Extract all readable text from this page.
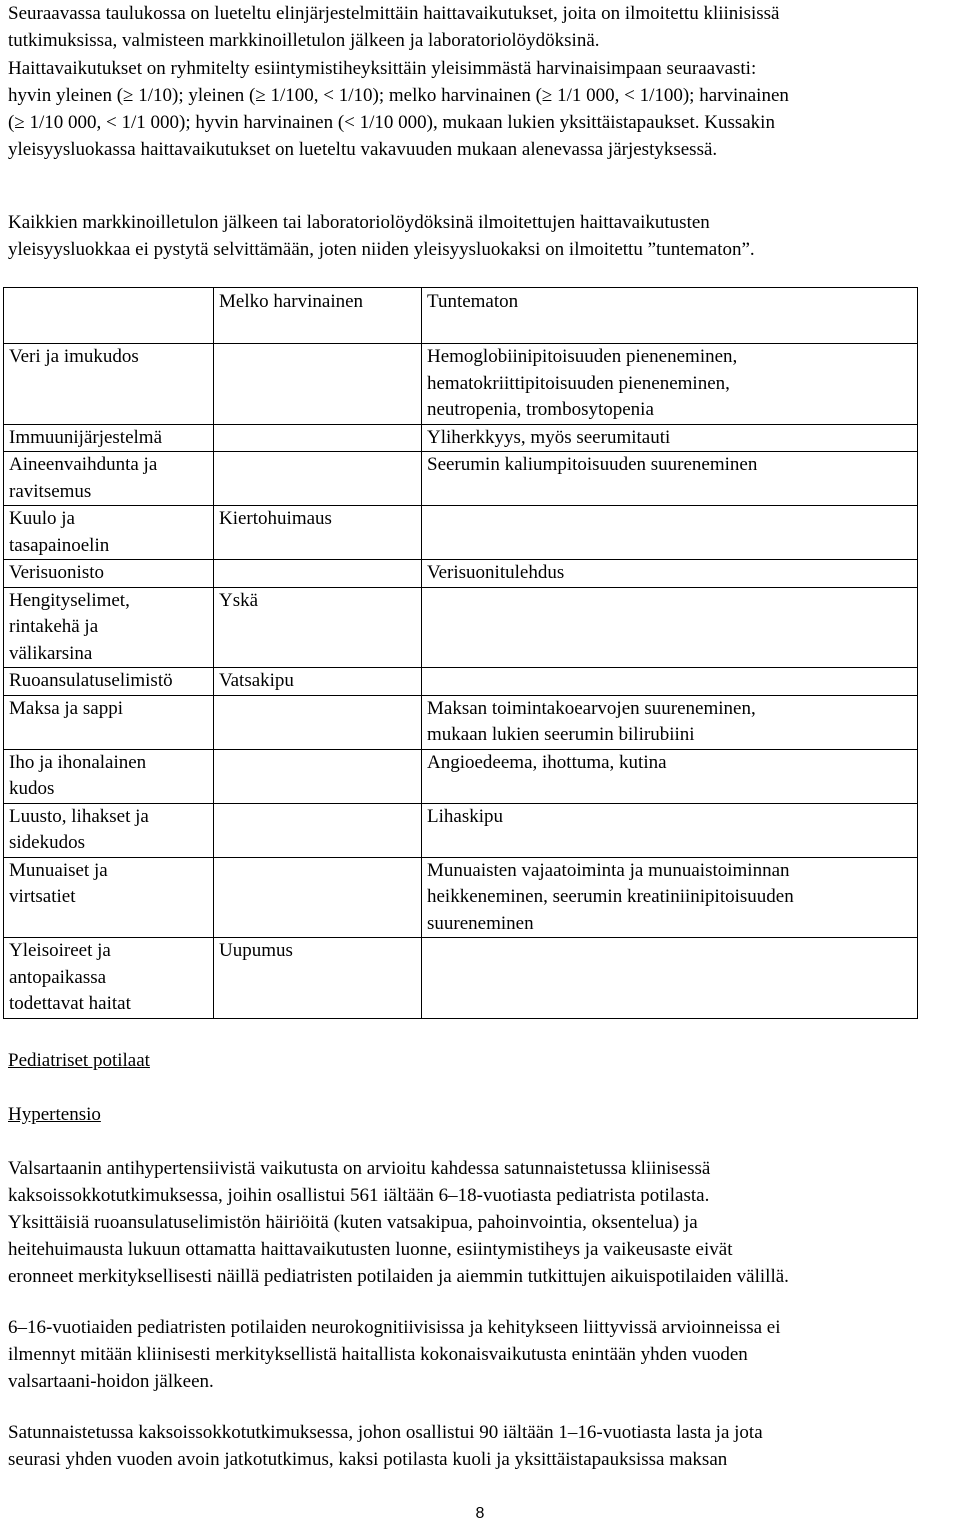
Seuraavassa taulukossa on lueteltu elinjärjestelmittäin haittavaikutukset, joita on ilmoitettu kliinisissä
tutkimuksissa, valmisteen markkinoilletulon jälkeen ja laboratoriolöydöksinä.

Haittavaikutukset on ryhmitelty esiintymistiheyksittäin yleisimmästä harvinaisimpaan seuraavasti:
hyvin yleinen (≥ 1/10); yleinen (≥ 1/100, < 1/10); melko harvinainen (≥ 1/1 000, < 1/100); harvinainen
(≥ 1/10 000, < 1/1 000); hyvin harvinainen (< 1/10 000), mukaan lukien yksittäistapaukset. Kussakin
yleisyysluokassa haittavaikutukset on lueteltu vakavuuden mukaan alenevassa järjestyksessä.

Kaikkien markkinoilletulon jälkeen tai laboratoriolöydöksinä ilmoitettujen haittavaikutusten
yleisyysluokkaa ei pystytä selvittämään, joten niiden yleisyysluokaksi on ilmoitettu ”tuntematon”.

	Melko harvinainen	Tuntematon

Veri ja imukudos		Hemoglobiinipitoisuuden pieneneminen,
hematokriittipitoisuuden pieneneminen,
neutropenia, trombosytopenia

Immuunijärjestelmä		Yliherkkyys, myös seerumitauti

Aineenvaihdunta ja
ravitsemus		Seerumin kaliumpitoisuuden suureneminen

Kuulo ja
tasapainoelin	Kiertohuimaus	

Verisuonisto		Verisuonitulehdus

Hengityselimet,
rintakehä ja
välikarsina	Yskä	

Ruoansulatuselimistö	Vatsakipu	

Maksa ja sappi		Maksan toimintakoearvojen suureneminen,
mukaan lukien seerumin bilirubiini

Iho ja ihonalainen
kudos		Angioedeema, ihottuma, kutina

Luusto, lihakset ja
sidekudos		Lihaskipu

Munuaiset ja
virtsatiet		Munuaisten vajaatoiminta ja munuaistoiminnan
heikkeneminen, seerumin kreatiniinipitoisuuden
suureneminen

Yleisoireet ja
antopaikassa
todettavat haitat	Uupumus	

Pediatriset potilaat
Hypertensio

Valsartaanin antihypertensiivistä vaikutusta on arvioitu kahdessa satunnaistetussa kliinisessä
kaksoissokkotutkimuksessa, joihin osallistui 561 iältään 6–18-vuotiasta pediatrista potilasta.
Yksittäisiä ruoansulatuselimistön häiriöitä (kuten vatsakipua, pahoinvointia, oksentelua) ja
heitehuimausta lukuun ottamatta haittavaikutusten luonne, esiintymistiheys ja vaikeusaste eivät
eronneet merkityksellisesti näillä pediatristen potilaiden ja aiemmin tutkittujen aikuispotilaiden välillä.

6–16-vuotiaiden pediatristen potilaiden neurokognitiivisissa ja kehitykseen liittyvissä arvioinneissa ei
ilmennyt mitään kliinisesti merkityksellistä haitallista kokonaisvaikutusta enintään yhden vuoden
valsartaani-hoidon jälkeen.

Satunnaistetussa kaksoissokkotutkimuksessa, johon osallistui 90 iältään 1–16-vuotiasta lasta ja jota
seurasi yhden vuoden avoin jatkotutkimus, kaksi potilasta kuoli ja yksittäistapauksissa maksan

8
